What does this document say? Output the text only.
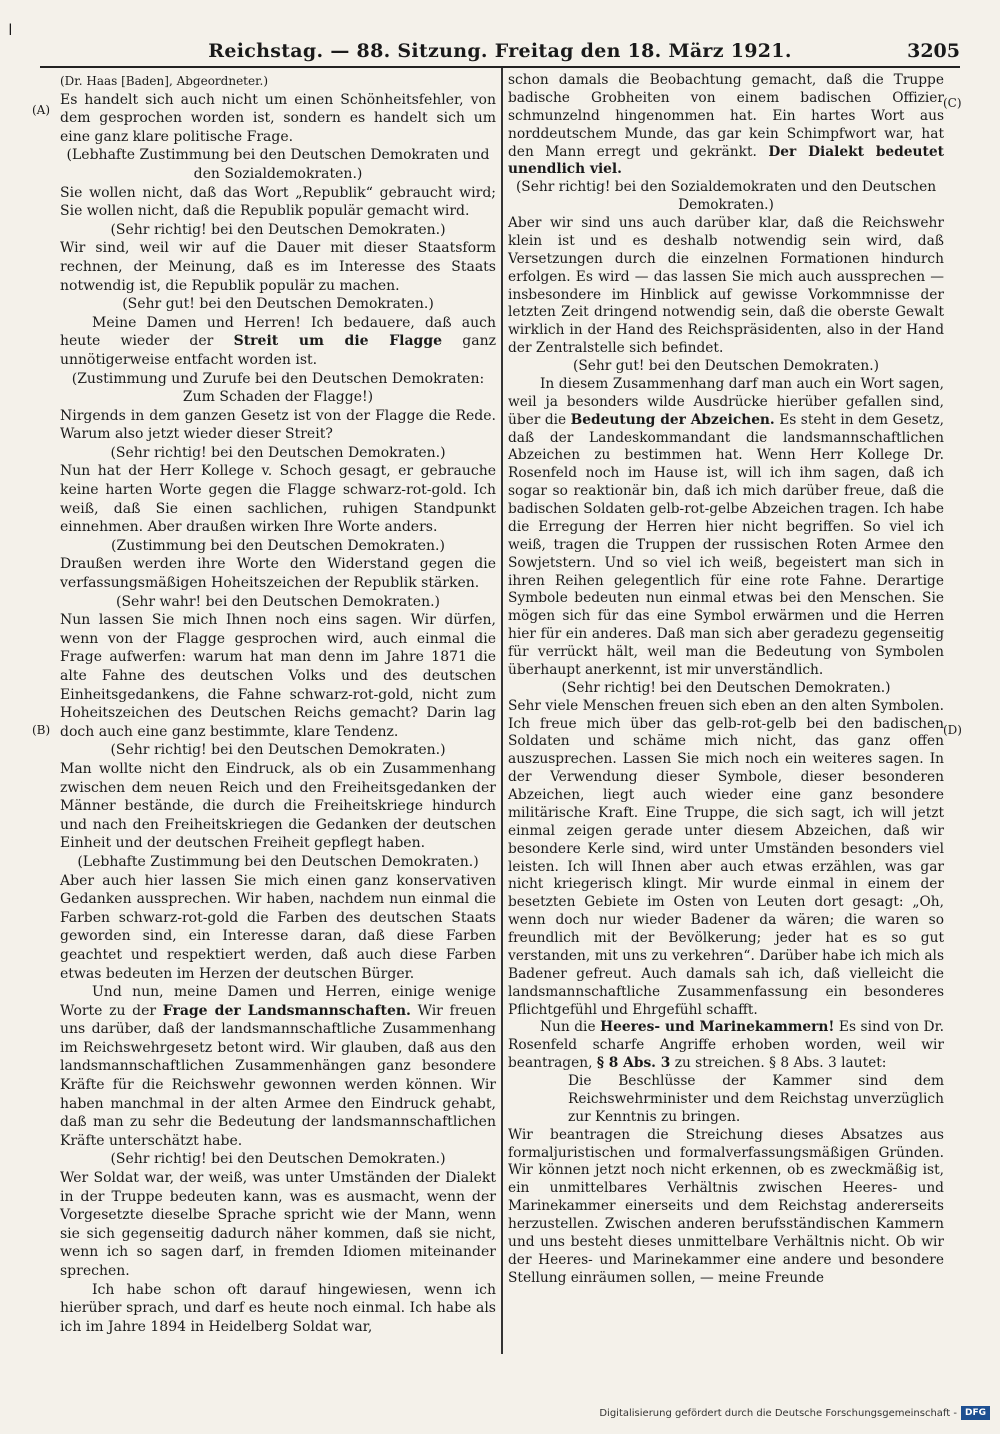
ǀ
Reichstag. — 88. Sitzung. Freitag den 18. März 1921.	3205
(A)
(B)
(C)
(D)

(Dr. Haas [Baden], Abgeordneter.)

Es handelt sich auch nicht um einen Schönheitsfehler, von dem gesprochen worden ist, sondern es handelt sich um eine ganz klare politische Frage.

(Lebhafte Zustimmung bei den Deutschen Demokraten und den Sozialdemokraten.)

Sie wollen nicht, daß das Wort „Republik“ gebraucht wird; Sie wollen nicht, daß die Republik populär gemacht wird.

(Sehr richtig! bei den Deutschen Demokraten.)

Wir sind, weil wir auf die Dauer mit dieser Staatsform rechnen, der Meinung, daß es im Interesse des Staats notwendig ist, die Republik populär zu machen.

(Sehr gut! bei den Deutschen Demokraten.)

Meine Damen und Herren! Ich bedauere, daß auch heute wieder der Streit um die Flagge ganz unnötigerweise entfacht worden ist.

(Zustimmung und Zurufe bei den Deutschen Demokraten: Zum Schaden der Flagge!)

Nirgends in dem ganzen Gesetz ist von der Flagge die Rede. Warum also jetzt wieder dieser Streit?

(Sehr richtig! bei den Deutschen Demokraten.)

Nun hat der Herr Kollege v. Schoch gesagt, er gebrauche keine harten Worte gegen die Flagge schwarz-rot-gold. Ich weiß, daß Sie einen sachlichen, ruhigen Standpunkt einnehmen. Aber draußen wirken Ihre Worte anders.

(Zustimmung bei den Deutschen Demokraten.)

Draußen werden ihre Worte den Widerstand gegen die verfassungsmäßigen Hoheitszeichen der Republik stärken.

(Sehr wahr! bei den Deutschen Demokraten.)

Nun lassen Sie mich Ihnen noch eins sagen. Wir dürfen, wenn von der Flagge gesprochen wird, auch einmal die Frage aufwerfen: warum hat man denn im Jahre 1871 die alte Fahne des deutschen Volks und des deutschen Einheitsgedankens, die Fahne schwarz-rot-gold, nicht zum Hoheitszeichen des Deutschen Reichs gemacht? Darin lag doch auch eine ganz bestimmte, klare Tendenz.

(Sehr richtig! bei den Deutschen Demokraten.)

Man wollte nicht den Eindruck, als ob ein Zusammenhang zwischen dem neuen Reich und den Freiheitsgedanken der Männer bestände, die durch die Freiheitskriege hindurch und nach den Freiheitskriegen die Gedanken der deutschen Einheit und der deutschen Freiheit gepflegt haben.

(Lebhafte Zustimmung bei den Deutschen Demokraten.)

Aber auch hier lassen Sie mich einen ganz konservativen Gedanken aussprechen. Wir haben, nachdem nun einmal die Farben schwarz-rot-gold die Farben des deutschen Staats geworden sind, ein Interesse daran, daß diese Farben geachtet und respektiert werden, daß auch diese Farben etwas bedeuten im Herzen der deutschen Bürger.

Und nun, meine Damen und Herren, einige wenige Worte zu der Frage der Landsmannschaften. Wir freuen uns darüber, daß der landsmannschaftliche Zusammenhang im Reichswehrgesetz betont wird. Wir glauben, daß aus den landsmannschaftlichen Zusammenhängen ganz besondere Kräfte für die Reichswehr gewonnen werden können. Wir haben manchmal in der alten Armee den Eindruck gehabt, daß man zu sehr die Bedeutung der landsmannschaftlichen Kräfte unterschätzt habe.

(Sehr richtig! bei den Deutschen Demokraten.)

Wer Soldat war, der weiß, was unter Umständen der Dialekt in der Truppe bedeuten kann, was es ausmacht, wenn der Vorgesetzte dieselbe Sprache spricht wie der Mann, wenn sie sich gegenseitig dadurch näher kommen, daß sie nicht, wenn ich so sagen darf, in fremden Idiomen miteinander sprechen.

Ich habe schon oft darauf hingewiesen, wenn ich hierüber sprach, und darf es heute noch einmal. Ich habe als ich im Jahre 1894 in Heidelberg Soldat war,

schon damals die Beobachtung gemacht, daß die Truppe badische Grobheiten von einem badischen Offizier schmunzelnd hingenommen hat. Ein hartes Wort aus norddeutschem Munde, das gar kein Schimpfwort war, hat den Mann erregt und gekränkt. Der Dialekt bedeutet unendlich viel.

(Sehr richtig! bei den Sozialdemokraten und den Deutschen Demokraten.)

Aber wir sind uns auch darüber klar, daß die Reichswehr klein ist und es deshalb notwendig sein wird, daß Versetzungen durch die einzelnen Formationen hindurch erfolgen. Es wird — das lassen Sie mich auch aussprechen — insbesondere im Hinblick auf gewisse Vorkommnisse der letzten Zeit dringend notwendig sein, daß die oberste Gewalt wirklich in der Hand des Reichspräsidenten, also in der Hand der Zentralstelle sich befindet.

(Sehr gut! bei den Deutschen Demokraten.)

In diesem Zusammenhang darf man auch ein Wort sagen, weil ja besonders wilde Ausdrücke hierüber gefallen sind, über die Bedeutung der Abzeichen. Es steht in dem Gesetz, daß der Landeskommandant die landsmannschaftlichen Abzeichen zu bestimmen hat. Wenn Herr Kollege Dr. Rosenfeld noch im Hause ist, will ich ihm sagen, daß ich sogar so reaktionär bin, daß ich mich darüber freue, daß die badischen Soldaten gelb-rot-gelbe Abzeichen tragen. Ich habe die Erregung der Herren hier nicht begriffen. So viel ich weiß, tragen die Truppen der russischen Roten Armee den Sowjetstern. Und so viel ich weiß, begeistert man sich in ihren Reihen gelegentlich für eine rote Fahne. Derartige Symbole bedeuten nun einmal etwas bei den Menschen. Sie mögen sich für das eine Symbol erwärmen und die Herren hier für ein anderes. Daß man sich aber geradezu gegenseitig für verrückt hält, weil man die Bedeutung von Symbolen überhaupt anerkennt, ist mir unverständlich.

(Sehr richtig! bei den Deutschen Demokraten.)

Sehr viele Menschen freuen sich eben an den alten Symbolen. Ich freue mich über das gelb-rot-gelb bei den badischen Soldaten und schäme mich nicht, das ganz offen auszusprechen. Lassen Sie mich noch ein weiteres sagen. In der Verwendung dieser Symbole, dieser besonderen Abzeichen, liegt auch wieder eine ganz besondere militärische Kraft. Eine Truppe, die sich sagt, ich will jetzt einmal zeigen gerade unter diesem Abzeichen, daß wir besondere Kerle sind, wird unter Umständen besonders viel leisten. Ich will Ihnen aber auch etwas erzählen, was gar nicht kriegerisch klingt. Mir wurde einmal in einem der besetzten Gebiete im Osten von Leuten dort gesagt: „Oh, wenn doch nur wieder Badener da wären; die waren so freundlich mit der Bevölkerung; jeder hat es so gut verstanden, mit uns zu verkehren“. Darüber habe ich mich als Badener gefreut. Auch damals sah ich, daß vielleicht die landsmannschaftliche Zusammenfassung ein besonderes Pflichtgefühl und Ehrgefühl schafft.

Nun die Heeres- und Marinekammern! Es sind von Dr. Rosenfeld scharfe Angriffe erhoben worden, weil wir beantragen, § 8 Abs. 3 zu streichen. § 8 Abs. 3 lautet:

Die Beschlüsse der Kammer sind dem Reichswehrminister und dem Reichstag unverzüglich zur Kenntnis zu bringen.

Wir beantragen die Streichung dieses Absatzes aus formaljuristischen und formalverfassungsmäßigen Gründen. Wir können jetzt noch nicht erkennen, ob es zweckmäßig ist, ein unmittelbares Verhältnis zwischen Heeres- und Marinekammer einerseits und dem Reichstag andererseits herzustellen. Zwischen anderen berufsständischen Kammern und uns besteht dieses unmittelbare Verhältnis nicht. Ob wir der Heeres- und Marinekammer eine andere und besondere Stellung einräumen sollen, — meine Freunde

Digitalisierung gefördert durch die Deutsche Forschungsgemeinschaft - DFG
